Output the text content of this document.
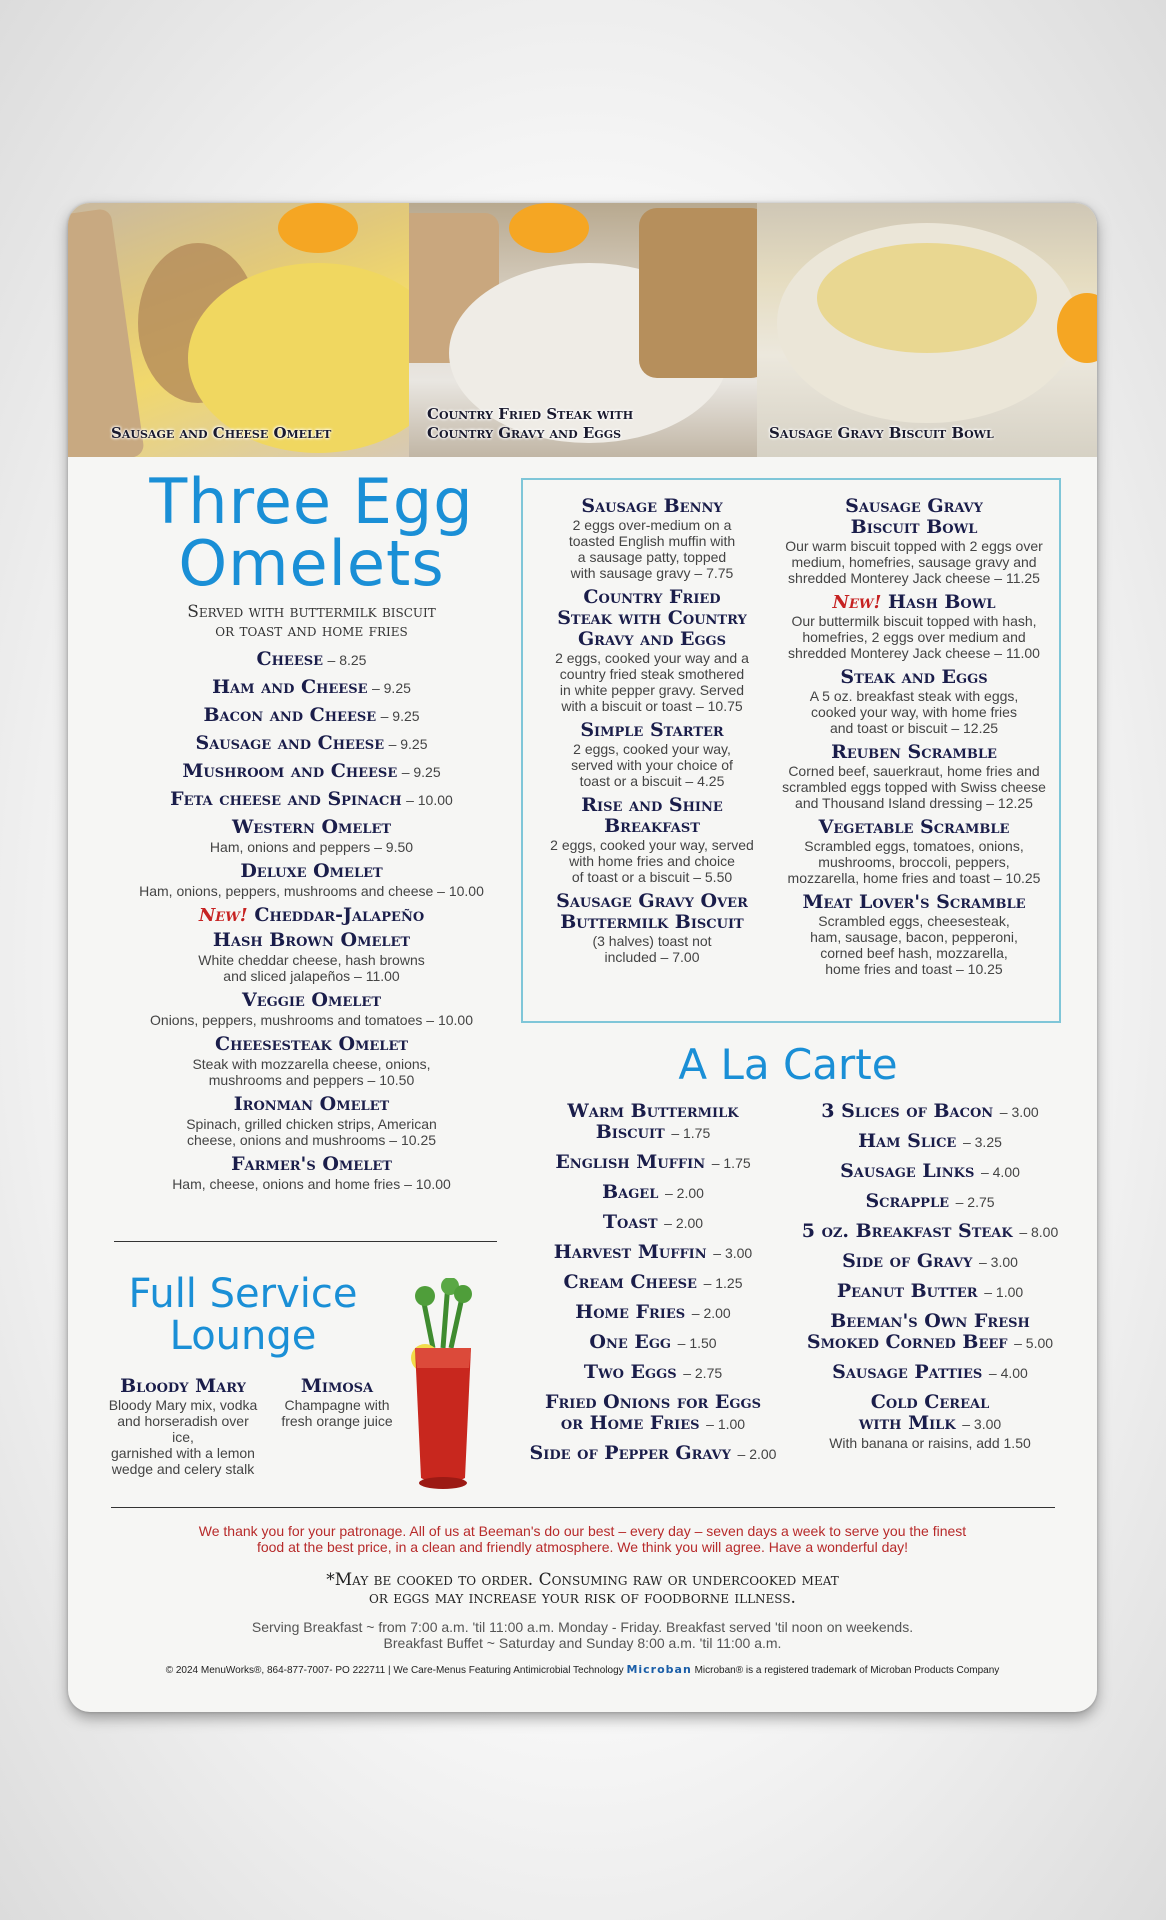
Sausage and Cheese Omelet
Country Fried Steak with Country Gravy and Eggs	Sausage Gravy Biscuit Bowl
Three Egg
Omelets
Served with buttermilk biscuit
or toast and home fries
Cheese – 8.25
Ham and Cheese – 9.25
Bacon and Cheese – 9.25
Sausage and Cheese – 9.25
Mushroom and Cheese – 9.25
Feta cheese and Spinach – 10.00
Western Omelet
Ham, onions and peppers – 9.50
Deluxe Omelet
Ham, onions, peppers, mushrooms and cheese – 10.00
New! Cheddar-Jalapeño
Hash Brown Omelet
White cheddar cheese, hash browns
and sliced jalapeños – 11.00
Veggie Omelet
Onions, peppers, mushrooms and tomatoes – 10.00
Cheesesteak Omelet
Steak with mozzarella cheese, onions,
mushrooms and peppers – 10.50
Ironman Omelet
Spinach, grilled chicken strips, American
cheese, onions and mushrooms – 10.25
Farmer's Omelet
Ham, cheese, onions and home fries – 10.00
Full Service
Lounge
Bloody Mary
Bloody Mary mix, vodka
and horseradish over ice,
garnished with a lemon
wedge and celery stalk
Mimosa
Champagne with
fresh orange juice
Sausage Benny
2 eggs over-medium on a
toasted English muffin with
a sausage patty, topped
with sausage gravy – 7.75
Country Fried
Steak with Country
Gravy and Eggs
2 eggs, cooked your way and a
country fried steak smothered
in white pepper gravy. Served
with a biscuit or toast – 10.75
Simple Starter
2 eggs, cooked your way,
served with your choice of
toast or a biscuit – 4.25
Rise and Shine
Breakfast
2 eggs, cooked your way, served
with home fries and choice
of toast or a biscuit – 5.50
Sausage Gravy Over
Buttermilk Biscuit
(3 halves) toast not
included – 7.00
Sausage Gravy
Biscuit Bowl
Our warm biscuit topped with 2 eggs over
medium, homefries, sausage gravy and
shredded Monterey Jack cheese – 11.25
New! Hash Bowl
Our buttermilk biscuit topped with hash,
homefries, 2 eggs over medium and
shredded Monterey Jack cheese – 11.00
Steak and Eggs
A 5 oz. breakfast steak with eggs,
cooked your way, with home fries
and toast or biscuit – 12.25
Reuben Scramble
Corned beef, sauerkraut, home fries and
scrambled eggs topped with Swiss cheese
and Thousand Island dressing – 12.25
Vegetable Scramble
Scrambled eggs, tomatoes, onions,
mushrooms, broccoli, peppers,
mozzarella, home fries and toast – 10.25
Meat Lover's Scramble
Scrambled eggs, cheesesteak,
ham, sausage, bacon, pepperoni,
corned beef hash, mozzarella,
home fries and toast – 10.25
A La Carte
Warm Buttermilk
Biscuit – 1.75
English Muffin – 1.75
Bagel – 2.00
Toast – 2.00
Harvest Muffin – 3.00
Cream Cheese – 1.25
Home Fries – 2.00
One Egg – 1.50
Two Eggs – 2.75
Fried Onions for Eggs
or Home Fries – 1.00
Side of Pepper Gravy – 2.00
3 Slices of Bacon – 3.00
Ham Slice – 3.25
Sausage Links – 4.00
Scrapple – 2.75
5 oz. Breakfast Steak – 8.00
Side of Gravy – 3.00
Peanut Butter – 1.00
Beeman's Own Fresh
Smoked Corned Beef – 5.00
Sausage Patties – 4.00
Cold Cereal
with Milk – 3.00
With banana or raisins, add 1.50
We thank you for your patronage. All of us at Beeman's do our best – every day – seven days a week to serve you the finest
food at the best price, in a clean and friendly atmosphere. We think you will agree. Have a wonderful day!
*May be cooked to order. Consuming raw or undercooked meat
or eggs may increase your risk of foodborne illness.
Serving Breakfast ~ from 7:00 a.m. 'til 11:00 a.m. Monday - Friday. Breakfast served 'til noon on weekends.
Breakfast Buffet ~ Saturday and Sunday 8:00 a.m. 'til 11:00 a.m.
© 2024 MenuWorks®, 864-877-7007- PO 222711 | We Care-Menus Featuring Antimicrobial Technology Microban Microban® is a registered trademark of Microban Products Company
